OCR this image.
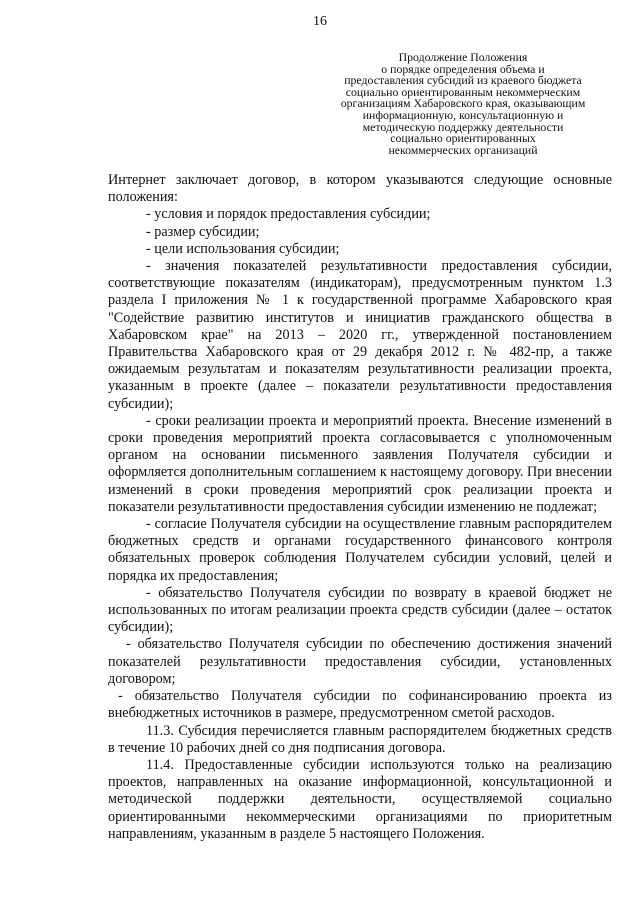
16
Продолжение Положения
о порядке определения объема и
предоставления субсидий из краевого бюджета
социально ориентированным некоммерческим
организациям Хабаровского края, оказывающим
информационную, консультационную и
методическую поддержку деятельности
социально ориентированных
некоммерческих организаций

Интернет заключает договор, в котором указываются следующие основные положения:

- условия и порядок предоставления субсидии;

- размер субсидии;

- цели использования субсидии;

- значения показателей результативности предоставления субсидии, соответствующие показателям (индикаторам), предусмотренным пунктом 1.3 раздела I приложения № 1 к государственной программе Хабаровского края "Содействие развитию институтов и инициатив гражданского общества в Хабаровском крае" на 2013 – 2020 гг., утвержденной постановлением Правительства Хабаровского края от 29 декабря 2012 г. № 482-пр, а также ожидаемым результатам и показателям результативности реализации проекта, указанным в проекте (далее – показатели результативности предоставления субсидии);

- сроки реализации проекта и мероприятий проекта. Внесение изменений в сроки проведения мероприятий проекта согласовывается с уполномоченным органом на основании письменного заявления Получателя субсидии и оформляется дополнительным соглашением к настоящему договору. При внесении изменений в сроки проведения мероприятий срок реализации проекта и показатели результативности предоставления субсидии изменению не подлежат;

- согласие Получателя субсидии на осуществление главным распорядителем бюджетных средств и органами государственного финансового контроля обязательных проверок соблюдения Получателем субсидии условий, целей и порядка их предоставления;

- обязательство Получателя субсидии по возврату в краевой бюджет не использованных по итогам реализации проекта средств субсидии (далее – остаток субсидии);

- обязательство Получателя субсидии по обеспечению достижения значений показателей результативности предоставления субсидии, установленных договором;

- обязательство Получателя субсидии по софинансированию проекта из внебюджетных источников в размере, предусмотренном сметой расходов.

11.3. Субсидия перечисляется главным распорядителем бюджетных средств в течение 10 рабочих дней со дня подписания договора.

11.4. Предоставленные субсидии используются только на реализацию проектов, направленных на оказание информационной, консультационной и методической поддержки деятельности, осуществляемой социально ориентированными некоммерческими организациями по приоритетным направлениям, указанным в разделе 5 настоящего Положения.
